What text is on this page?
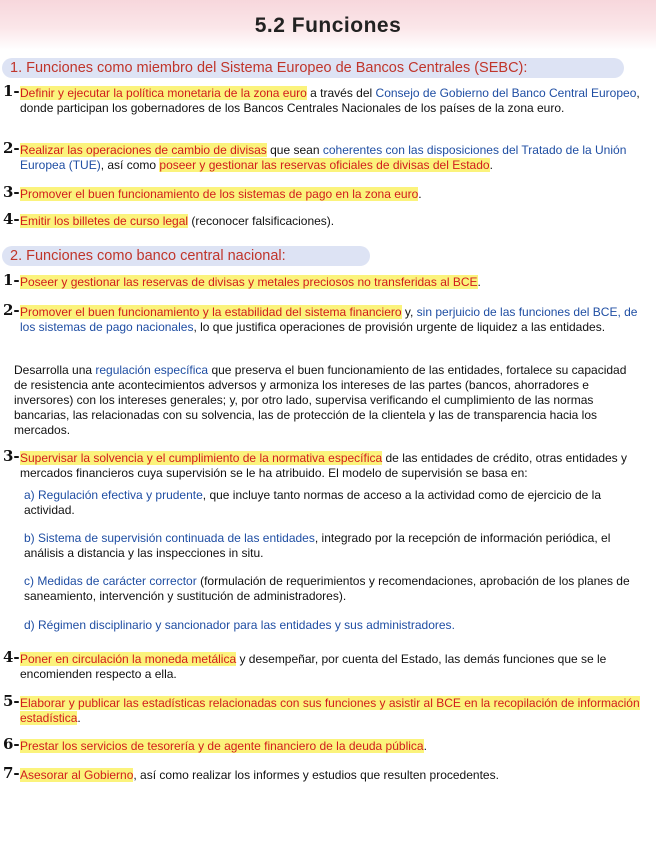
5.2 Funciones
1. Funciones como miembro del Sistema Europeo de Bancos Centrales (SEBC):
1- Definir y ejecutar la política monetaria de la zona euro a través del Consejo de Gobierno del Banco Central Europeo, donde participan los gobernadores de los Bancos Centrales Nacionales de los países de la zona euro.
2- Realizar las operaciones de cambio de divisas que sean coherentes con las disposiciones del Tratado de la Unión Europea (TUE), así como poseer y gestionar las reservas oficiales de divisas del Estado.
3- Promover el buen funcionamiento de los sistemas de pago en la zona euro.
4- Emitir los billetes de curso legal (reconocer falsificaciones).
2. Funciones como banco central nacional:
1- Poseer y gestionar las reservas de divisas y metales preciosos no transferidas al BCE.
2- Promover el buen funcionamiento y la estabilidad del sistema financiero y, sin perjuicio de las funciones del BCE, de los sistemas de pago nacionales, lo que justifica operaciones de provisión urgente de liquidez a las entidades.
Desarrolla una regulación específica que preserva el buen funcionamiento de las entidades, fortalece su capacidad de resistencia ante acontecimientos adversos y armoniza los intereses de las partes (bancos, ahorradores e inversores) con los intereses generales; y, por otro lado, supervisa verificando el cumplimiento de las normas bancarias, las relacionadas con su solvencia, las de protección de la clientela y las de transparencia hacia los mercados.
3- Supervisar la solvencia y el cumplimiento de la normativa específica de las entidades de crédito, otras entidades y mercados financieros cuya supervisión se le ha atribuido. El modelo de supervisión se basa en:
a) Regulación efectiva y prudente, que incluye tanto normas de acceso a la actividad como de ejercicio de la actividad.
b) Sistema de supervisión continuada de las entidades, integrado por la recepción de información periódica, el análisis a distancia y las inspecciones in situ.
c) Medidas de carácter corrector (formulación de requerimientos y recomendaciones, aprobación de los planes de saneamiento, intervención y sustitución de administradores).
d) Régimen disciplinario y sancionador para las entidades y sus administradores.
4- Poner en circulación la moneda metálica y desempeñar, por cuenta del Estado, las demás funciones que se le encomienden respecto a ella.
5- Elaborar y publicar las estadísticas relacionadas con sus funciones y asistir al BCE en la recopilación de información estadística.
6- Prestar los servicios de tesorería y de agente financiero de la deuda pública.
7- Asesorar al Gobierno, así como realizar los informes y estudios que resulten procedentes.
